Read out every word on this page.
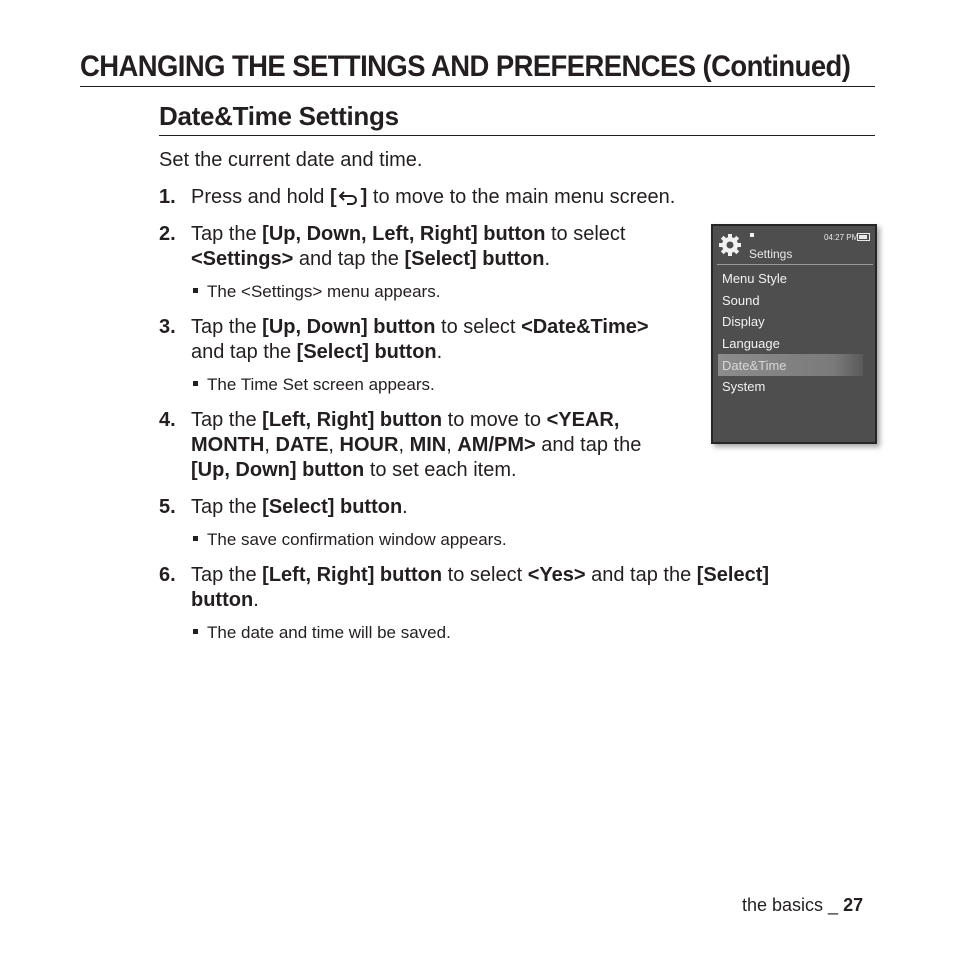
CHANGING THE SETTINGS AND PREFERENCES (Continued)
Date&Time Settings
Set the current date and time.
1. Press and hold [ ] to move to the main menu screen.
2. Tap the [Up, Down, Left, Right] button to select
<Settings> and tap the [Select] button.
The <Settings> menu appears.
3. Tap the [Up, Down] button to select <Date&Time>
and tap the [Select] button.
The Time Set screen appears.
4. Tap the [Left, Right] button to move to <YEAR,
MONTH, DATE, HOUR, MIN, AM/PM> and tap the
[Up, Down] button to set each item.
5. Tap the [Select] button.
The save confirmation window appears.
6. Tap the [Left, Right] button to select <Yes> and tap the [Select]
button.
The date and time will be saved.
Settings
04:27 PM
Menu Style
Sound
Display
Language
Date&Time
System
the basics _ 27
